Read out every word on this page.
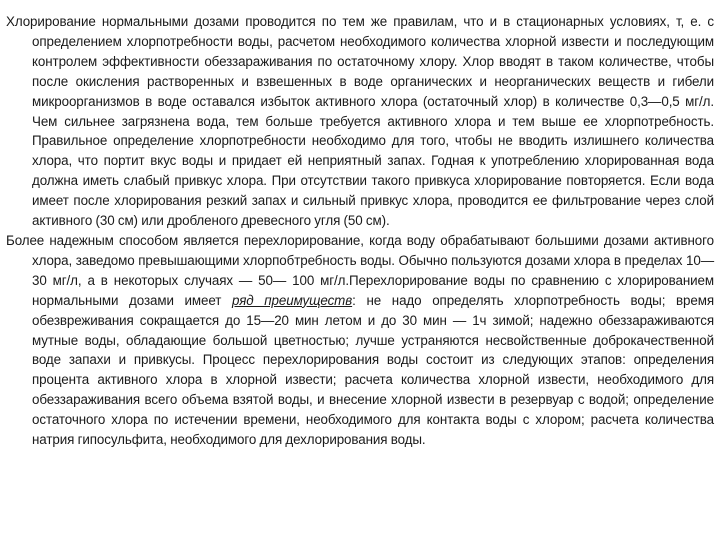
Хлорирование нормальными дозами проводится по тем же правилам, что и в стационарных условиях, т, е. с определением хлорпотребности воды, расчетом необходимого количества хлорной извести и последующим контролем эффективности обеззараживания по остаточному хлору. Хлор вводят в таком количестве, чтобы после окисления растворенных и взвешенных в воде органических и неорганических веществ и гибели микроорганизмов в воде оставался избыток активного хлора (остаточный хлор) в количестве 0,3—0,5 мг/л. Чем сильнее загрязнена вода, тем больше требуется активного хлора и тем выше ее хлорпотребность. Правильное определение хлорпотребности необходимо для того, чтобы не вводить излишнего количества хлора, что портит вкус воды и придает ей неприятный запах. Годная к употреблению хлорированная вода должна иметь слабый привкус хлора. При отсутствии такого привкуса хлорирование повторяется. Если вода имеет после хлорирования резкий запах и сильный привкус хлора, проводится ее фильтрование через слой активного (30 см) или дробленого древесного угля (50 см).

Более надежным способом является перехлорирование, когда воду обрабатывают большими дозами активного хлора, заведомо превышающими хлорпобтребность воды. Обычно пользуются дозами хлора в пределах 10—30 мг/л, а в некоторых случаях — 50— 100 мг/л.Перехлорирование воды по сравнению с хлорированием нормальными дозами имеет ряд преимуществ: не надо определять хлорпотребность воды; время обезвреживания сокращается до 15—20 мин летом и до 30 мин — 1ч зимой; надежно обеззараживаются мутные воды, обладающие большой цветностью; лучше устраняются несвойственные доброкачественной воде запахи и привкусы. Процесс перехлорирования воды состоит из следующих этапов: определения процента активного хлора в хлорной извести; расчета количества хлорной извести, необходимого для обеззараживания всего объема взятой воды, и внесение хлорной извести в резервуар с водой; определение остаточного хлора по истечении времени, необходимого для контакта воды с хлором; расчета количества натрия гипосульфита, необходимого для дехлорирования воды.
